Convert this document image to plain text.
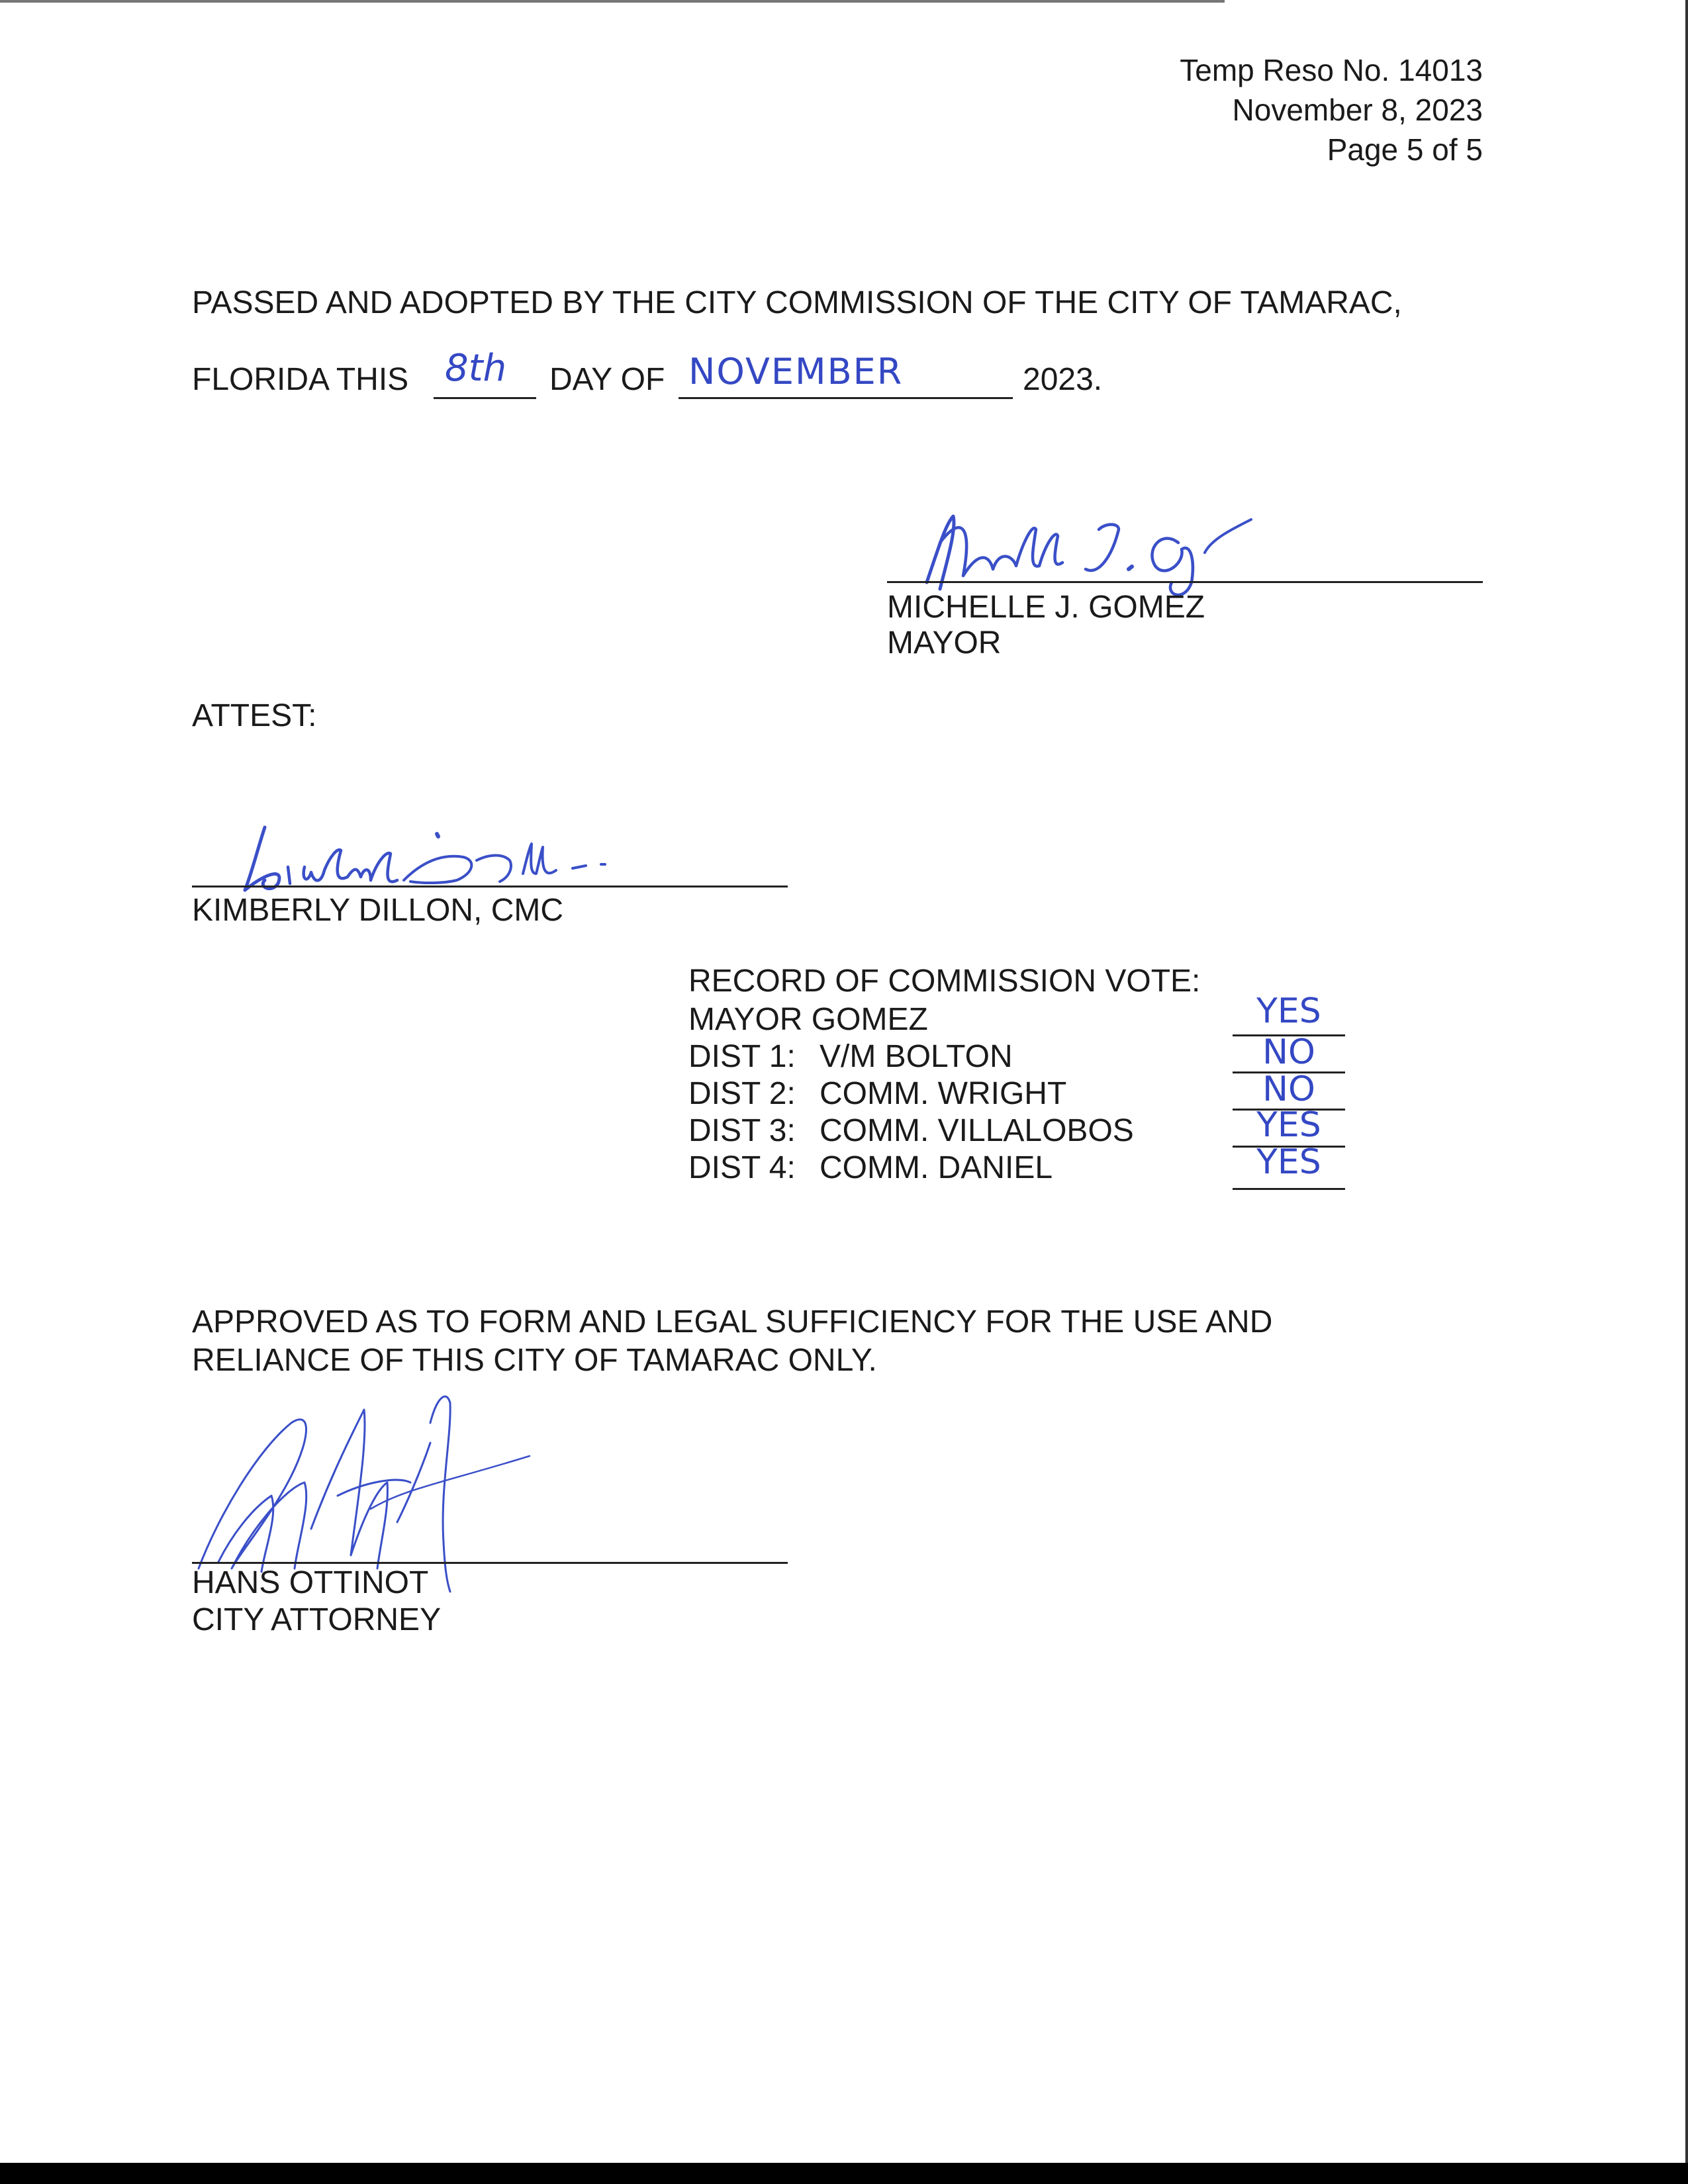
Temp Reso No. 14013
November 8, 2023
Page 5 of 5
PASSED AND ADOPTED BY THE CITY COMMISSION OF THE CITY OF TAMARAC,
FLORIDA THIS 8th DAY OF NOVEMBER	2023.
MICHELLE J. GOMEZ
MAYOR
ATTEST:
KIMBERLY DILLON, CMC
RECORD OF COMMISSION VOTE:
MAYOR GOMEZ	YES
DIST 1: V/M BOLTON	NO
DIST 2: COMM. WRIGHT	NO
DIST 3: COMM. VILLALOBOS	YES
DIST 4: COMM. DANIEL	YES
APPROVED AS TO FORM AND LEGAL SUFFICIENCY FOR THE USE AND
RELIANCE OF THIS CITY OF TAMARAC ONLY.
HANS OTTINOT
CITY ATTORNEY
